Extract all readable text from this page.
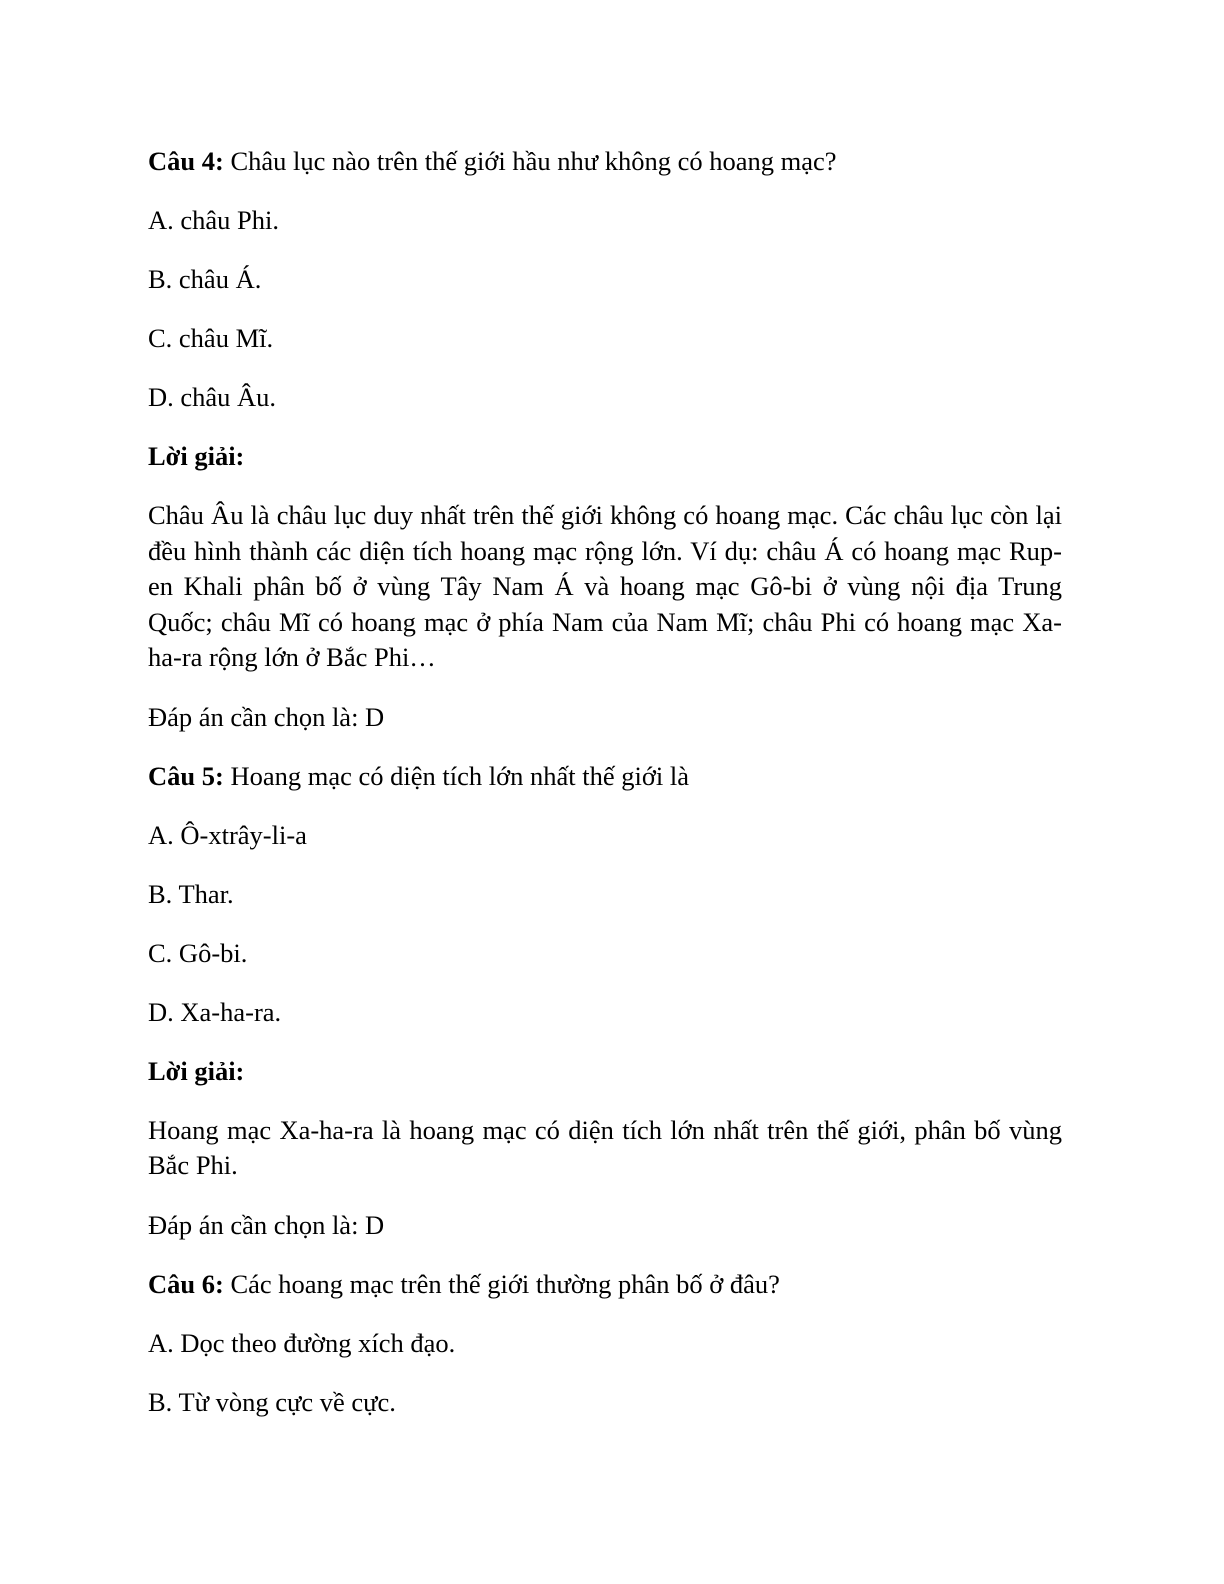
Câu 4: Châu lục nào trên thế giới hầu như không có hoang mạc?

A. châu Phi.

B. châu Á.

C. châu Mĩ.

D. châu Âu.

Lời giải:

Châu Âu là châu lục duy nhất trên thế giới không có hoang mạc. Các châu lục còn lại đều hình thành các diện tích hoang mạc rộng lớn. Ví dụ: châu Á có hoang mạc Rup-en Khali phân bố ở vùng Tây Nam Á và hoang mạc Gô-bi ở vùng nội địa Trung Quốc; châu Mĩ có hoang mạc ở phía Nam của Nam Mĩ; châu Phi có hoang mạc Xa-ha-ra rộng lớn ở Bắc Phi…

Đáp án cần chọn là: D

Câu 5: Hoang mạc có diện tích lớn nhất thế giới là

A. Ô-xtrây-li-a

B. Thar.

C. Gô-bi.

D. Xa-ha-ra.

Lời giải:

Hoang mạc Xa-ha-ra là hoang mạc có diện tích lớn nhất trên thế giới, phân bố vùng Bắc Phi.

Đáp án cần chọn là: D

Câu 6: Các hoang mạc trên thế giới thường phân bố ở đâu?

A. Dọc theo đường xích đạo.

B. Từ vòng cực về cực.
